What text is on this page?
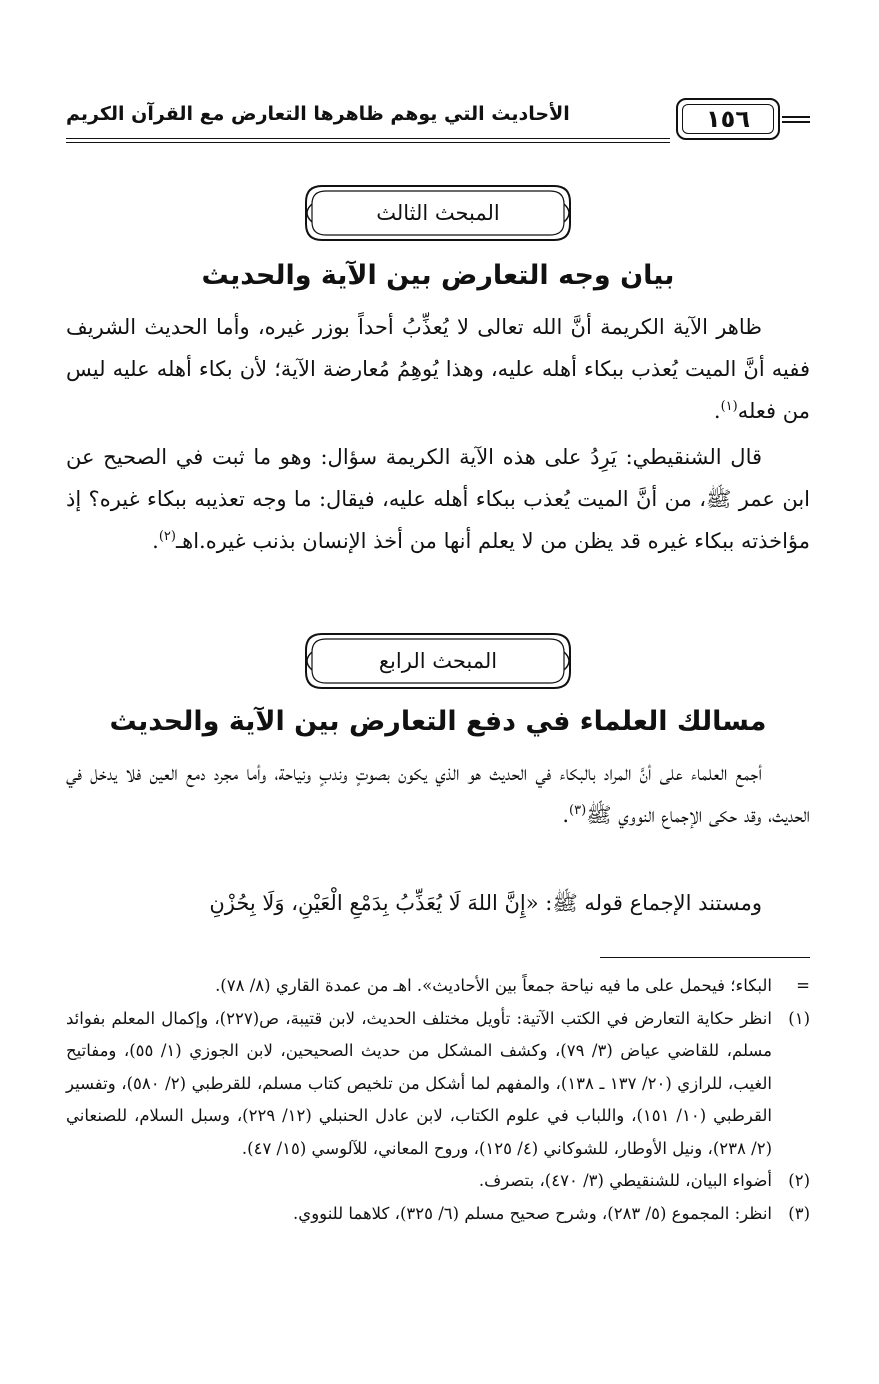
١٥٦
الأحاديث التي يوهم ظاهرها التعارض مع القرآن الكريم
المبحث الثالث
بيان وجه التعارض بين الآية والحديث

ظاهر الآية الكريمة أنَّ الله تعالى لا يُعذِّبُ أحداً بوزر غيره، وأما الحديث الشريف ففيه أنَّ الميت يُعذب ببكاء أهله عليه، وهذا يُوهِمُ مُعارضة الآية؛ لأن بكاء أهله عليه ليس من فعله$^{(١)}$.

قال الشنقيطي: يَرِدُ على هذه الآية الكريمة سؤال: وهو ما ثبت في الصحيح عن ابن عمر ﷺ، من أنَّ الميت يُعذب ببكاء أهله عليه، فيقال: ما وجه تعذيبه ببكاء غيره؟ إذ مؤاخذته ببكاء غيره قد يظن من لا يعلم أنها من أخذ الإنسان بذنب غيره.اهـ$^{(٢)}$.

المبحث الرابع
مسالك العلماء في دفع التعارض بين الآية والحديث

أجمع العلماء على أنَّ المراد بالبكاء في الحديث هو الذي يكون بصوتٍ وندبٍ ونياحة، وأما مجرد دمع العين فلا يدخل في الحديث، وقد حكى الإجماع النووي ﷺ$^{(٣)}$.

ومستند الإجماع قوله ﷺ: «إِنَّ اللهَ لَا يُعَذِّبُ بِدَمْعِ الْعَيْنِ، وَلَا بِحُزْنِ

=
البكاء؛ فيحمل على ما فيه نياحة جمعاً بين الأحاديث». اهـ من عمدة القاري (٨/ ٧٨).
(١)
انظر حكاية التعارض في الكتب الآتية: تأويل مختلف الحديث، لابن قتيبة، ص(٢٢٧)، وإكمال المعلم بفوائد مسلم، للقاضي عياض (٣/ ٧٩)، وكشف المشكل من حديث الصحيحين، لابن الجوزي (١/ ٥٥)، ومفاتيح الغيب، للرازي (٢٠/ ١٣٧ ـ ١٣٨)، والمفهم لما أشكل من تلخيص كتاب مسلم، للقرطبي (٢/ ٥٨٠)، وتفسير القرطبي (١٠/ ١٥١)، واللباب في علوم الكتاب، لابن عادل الحنبلي (١٢/ ٢٢٩)، وسبل السلام، للصنعاني (٢/ ٢٣٨)، ونيل الأوطار، للشوكاني (٤/ ١٢٥)، وروح المعاني، للآلوسي (١٥/ ٤٧).
(٢)
أضواء البيان، للشنقيطي (٣/ ٤٧٠)، بتصرف.
(٣)
انظر: المجموع (٥/ ٢٨٣)، وشرح صحيح مسلم (٦/ ٣٢٥)، كلاهما للنووي.
